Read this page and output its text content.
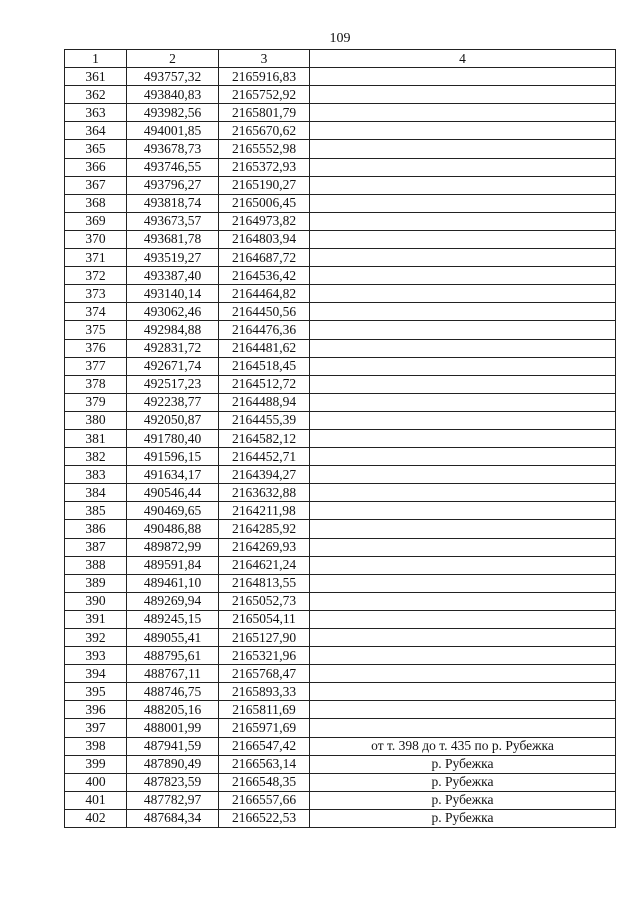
109
1	2	3	4
361	493757,32	2165916,83	
362	493840,83	2165752,92	
363	493982,56	2165801,79	
364	494001,85	2165670,62	
365	493678,73	2165552,98	
366	493746,55	2165372,93	
367	493796,27	2165190,27	
368	493818,74	2165006,45	
369	493673,57	2164973,82	
370	493681,78	2164803,94	
371	493519,27	2164687,72	
372	493387,40	2164536,42	
373	493140,14	2164464,82	
374	493062,46	2164450,56	
375	492984,88	2164476,36	
376	492831,72	2164481,62	
377	492671,74	2164518,45	
378	492517,23	2164512,72	
379	492238,77	2164488,94	
380	492050,87	2164455,39	
381	491780,40	2164582,12	
382	491596,15	2164452,71	
383	491634,17	2164394,27	
384	490546,44	2163632,88	
385	490469,65	2164211,98	
386	490486,88	2164285,92	
387	489872,99	2164269,93	
388	489591,84	2164621,24	
389	489461,10	2164813,55	
390	489269,94	2165052,73	
391	489245,15	2165054,11	
392	489055,41	2165127,90	
393	488795,61	2165321,96	
394	488767,11	2165768,47	
395	488746,75	2165893,33	
396	488205,16	2165811,69	
397	488001,99	2165971,69	
398	487941,59	2166547,42	от т. 398 до т. 435 по р. Рубежка
399	487890,49	2166563,14	р. Рубежка
400	487823,59	2166548,35	р. Рубежка
401	487782,97	2166557,66	р. Рубежка
402	487684,34	2166522,53	р. Рубежка
